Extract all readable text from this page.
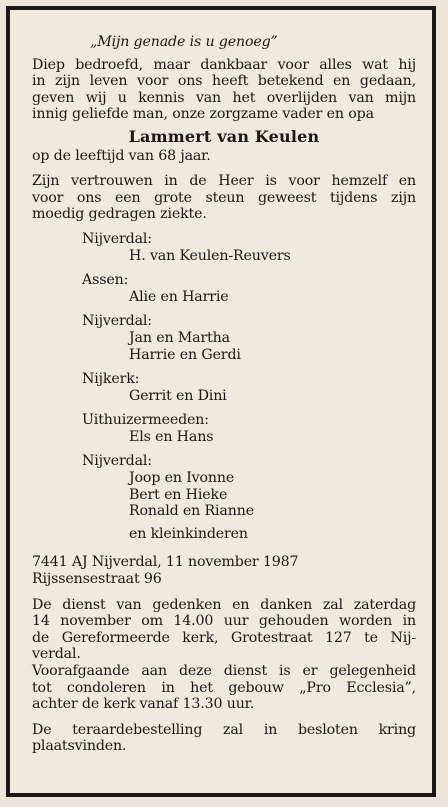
„Mijn genade is u genoeg”
Diep bedroefd, maar dankbaar voor alles wat hij
in zijn leven voor ons heeft betekend en gedaan,
geven wij u kennis van het overlijden van mijn
innig geliefde man, onze zorgzame vader en opa
Lammert van Keulen
op de leeftijd van 68 jaar.
Zijn vertrouwen in de Heer is voor hemzelf en
voor ons een grote steun geweest tijdens zijn
moedig gedragen ziekte.
Nijverdal:
H. van Keulen-Reuvers
Assen:
Alie en Harrie
Nijverdal:
Jan en Martha
Harrie en Gerdi
Nijkerk:
Gerrit en Dini
Uithuizermeeden:
Els en Hans
Nijverdal:
Joop en Ivonne
Bert en Hieke
Ronald en Rianne
en kleinkinderen
7441 AJ Nijverdal, 11 november 1987
Rijssensestraat 96
De dienst van gedenken en danken zal zaterdag
14 november om 14.00 uur gehouden worden in
de Gereformeerde kerk, Grotestraat 127 te Nij-
verdal.
Voorafgaande aan deze dienst is er gelegenheid
tot condoleren in het gebouw „Pro Ecclesia”,
achter de kerk vanaf 13.30 uur.
De teraardebestelling zal in besloten kring
plaatsvinden.
